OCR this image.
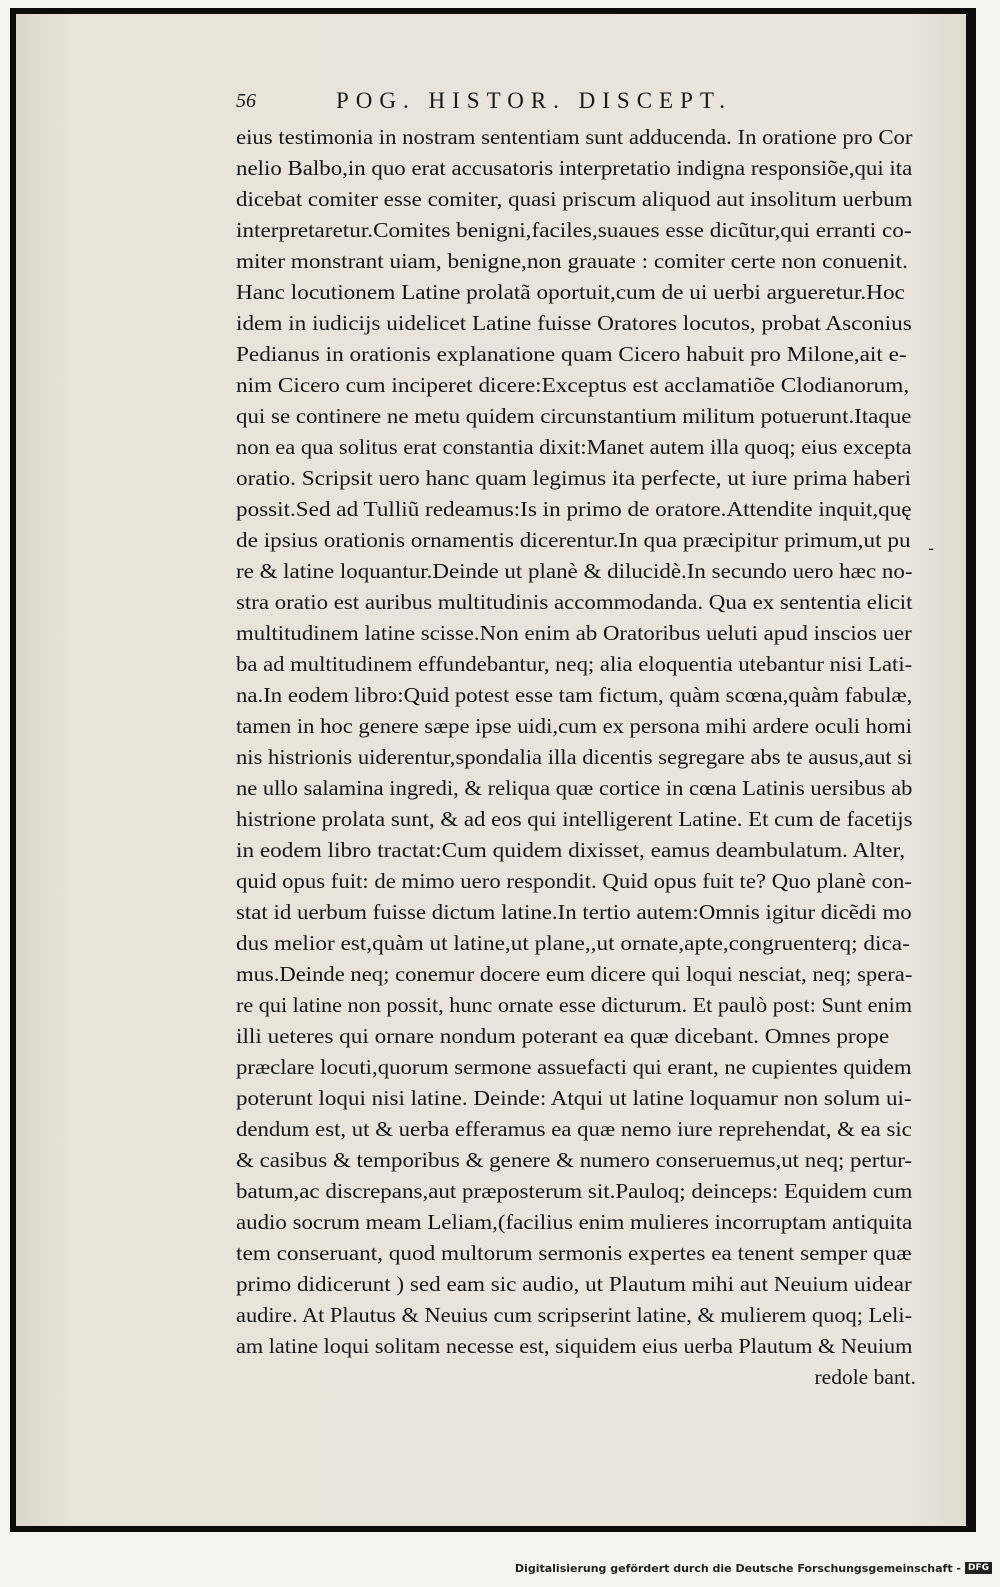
56	POG. HISTOR. DISCEPT.
eius testimonia in nostram sententiam sunt adducenda. In oratione pro Cor
nelio Balbo,in quo erat accusatoris interpretatio indigna responsiõe,qui ita
dicebat comiter esse comiter, quasi priscum aliquod aut insolitum uerbum
interpretaretur.Comites benigni,faciles,suaues esse dicũtur,qui erranti co-
miter monstrant uiam, benigne,non grauate : comiter certe non conuenit.
Hanc locutionem Latine prolatã oportuit,cum de ui uerbi argueretur.Hoc
idem in iudicijs uidelicet Latine fuisse Oratores locutos, probat Asconius
Pedianus in orationis explanatione quam Cicero habuit pro Milone,ait e-
nim Cicero cum inciperet dicere:Exceptus est acclamatiõe Clodianorum,
qui se continere ne metu quidem circunstantium militum potuerunt.Itaque
non ea qua solitus erat constantia dixit:Manet autem illa quoq; eius excepta
oratio. Scripsit uero hanc quam legimus ita perfecte, ut iure prima haberi
possit.Sed ad Tulliũ redeamus:Is in primo de oratore.Attendite inquit,quę
de ipsius orationis ornamentis dicerentur.In qua præcipitur primum,ut pu
re & latine loquantur.Deinde ut planè & dilucidè.In secundo uero hæc no-
stra oratio est auribus multitudinis accommodanda. Qua ex sententia elicit
multitudinem latine scisse.Non enim ab Oratoribus ueluti apud inscios uer
ba ad multitudinem effundebantur, neq; alia eloquentia utebantur nisi Lati-
na.In eodem libro:Quid potest esse tam fictum, quàm scœna,quàm fabulæ,
tamen in hoc genere sæpe ipse uidi,cum ex persona mihi ardere oculi homi
nis histrionis uiderentur,spondalia illa dicentis segregare abs te ausus,aut si
ne ullo salamina ingredi, & reliqua quæ cortice in cœna Latinis uersibus ab
histrione prolata sunt, & ad eos qui intelligerent Latine. Et cum de facetijs
in eodem libro tractat:Cum quidem dixisset, eamus deambulatum. Alter,
quid opus fuit: de mimo uero respondit. Quid opus fuit te? Quo planè con-
stat id uerbum fuisse dictum latine.In tertio autem:Omnis igitur dicẽdi mo
dus melior est,quàm ut latine,ut plane,,ut ornate,apte,congruenterq; dica-
mus.Deinde neq; conemur docere eum dicere qui loqui nesciat, neq; spera-
re qui latine non possit, hunc ornate esse dicturum. Et paulò post: Sunt enim
illi ueteres qui ornare nondum poterant ea quæ dicebant. Omnes prope
præclare locuti,quorum sermone assuefacti qui erant, ne cupientes quidem
poterunt loqui nisi latine. Deinde: Atqui ut latine loquamur non solum ui-
dendum est, ut & uerba efferamus ea quæ nemo iure reprehendat, & ea sic
& casibus & temporibus & genere & numero conseruemus,ut neq; pertur-
batum,ac discrepans,aut præposterum sit.Pauloq; deinceps: Equidem cum
audio socrum meam Leliam,(facilius enim mulieres incorruptam antiquita
tem conseruant, quod multorum sermonis expertes ea tenent semper quæ
primo didicerunt ) sed eam sic audio, ut Plautum mihi aut Neuium uidear
audire. At Plautus & Neuius cum scripserint latine, & mulierem quoq; Leli-
am latine loqui solitam necesse est, siquidem eius uerba Plautum & Neuium
redole bant.
-
Digitalisierung gefördert durch die Deutsche Forschungsgemeinschaft - DFG
